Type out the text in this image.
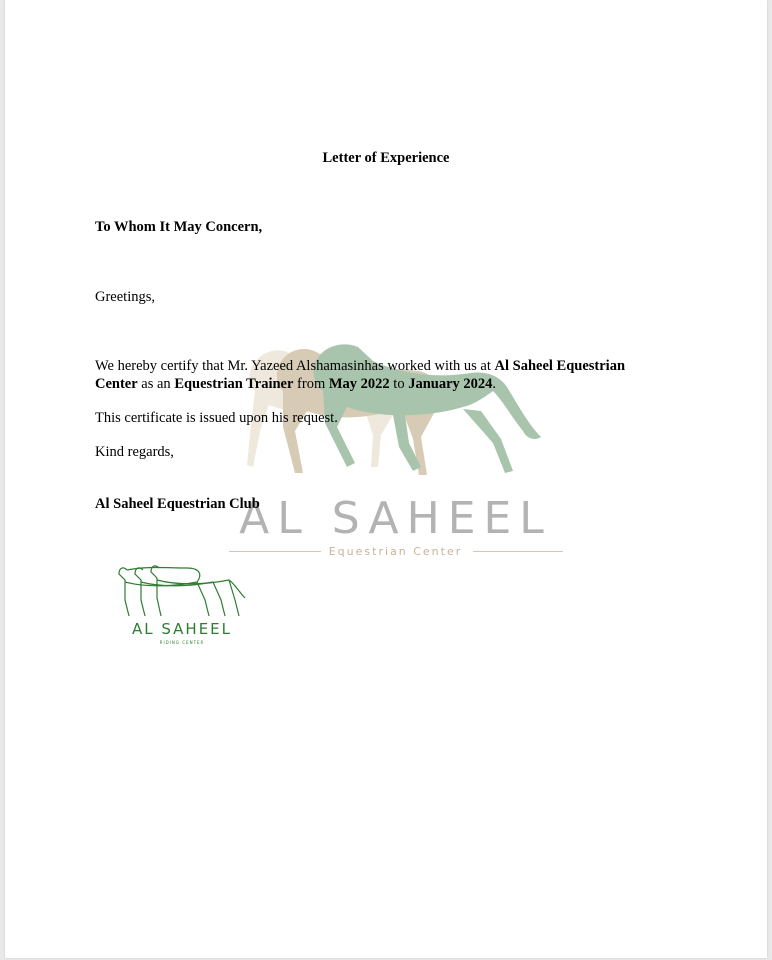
Letter of Experience
To Whom It May Concern,
Greetings,
AL SAHEEL
Equestrian Center
We hereby certify that Mr. Yazeed Alshamasinhas worked with us at Al Saheel Equestrian Center as an Equestrian Trainer from May 2022 to January 2024.
This certificate is issued upon his request.
Kind regards,
Al Saheel Equestrian Club
AL SAHEEL
RIDING CENTER
